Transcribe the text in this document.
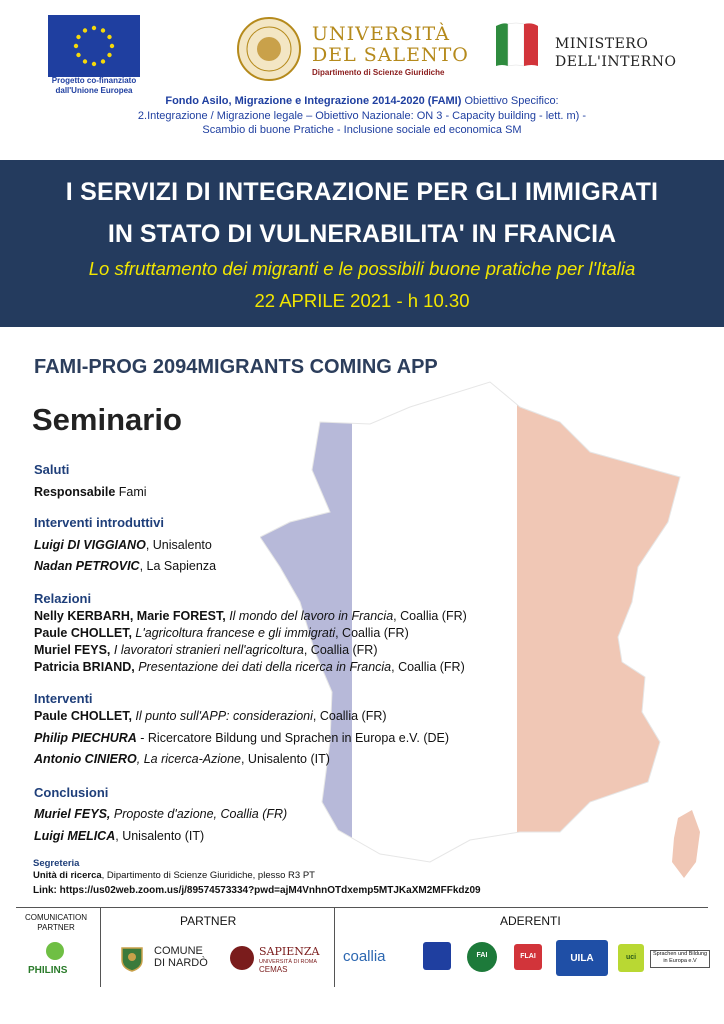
Progetto co-finanziato dall'Unione Europea
UNIVERSITÀ
DEL SALENTO
Dipartimento di Scienze Giuridiche
MINISTERO
DELL'INTERNO
Fondo Asilo, Migrazione e Integrazione 2014-2020 (FAMI) Obiettivo Specifico: 2.Integrazione / Migrazione legale – Obiettivo Nazionale: ON 3 - Capacity building - lett. m) - Scambio di buone Pratiche - Inclusione sociale ed economica SM
I SERVIZI DI INTEGRAZIONE PER GLI IMMIGRATI
IN STATO DI VULNERABILITA' IN FRANCIA
Lo sfruttamento dei migranti e le possibili buone pratiche per l'Italia
22 APRILE 2021 - h 10.30
FAMI-PROG 2094MIGRANTS COMING APP
Seminario
Saluti
Responsabile Fami
Interventi introduttivi
Luigi DI VIGGIANO, Unisalento
Nadan PETROVIC, La Sapienza
Relazioni
Nelly KERBARH, Marie FOREST, Il mondo del lavoro in Francia, Coallia (FR)
Paule CHOLLET, L'agricoltura francese e gli immigrati, Coallia (FR)
Muriel FEYS, I lavoratori stranieri nell'agricoltura, Coallia (FR)
Patricia BRIAND, Presentazione dei dati della ricerca in Francia, Coallia (FR)
Interventi
Paule CHOLLET, Il punto sull'APP: considerazioni, Coallia (FR)
Philip PIECHURA - Ricercatore Bildung und Sprachen in Europa e.V. (DE)
Antonio CINIERO, La ricerca-Azione, Unisalento (IT)
Conclusioni
Muriel FEYS, Proposte d'azione, Coallia (FR)
Luigi MELICA, Unisalento (IT)
Segreteria
Unità di ricerca, Dipartimento di Scienze Giuridiche, plesso R3 PT
Link: https://us02web.zoom.us/j/89574573334?pwd=ajM4VnhnOTdxemp5MTJKaXM2MFFkdz09
COMUNICATION PARTNER
PHILINS
PARTNER
COMUNE
DI NARDÒ
SAPIENZA
UNIVERSITÀ DI ROMA
CEMAS
ADERENTI
coallia	FAI	FLAI	UILA	uci	Sprachen und Bildung in Europa e.V
